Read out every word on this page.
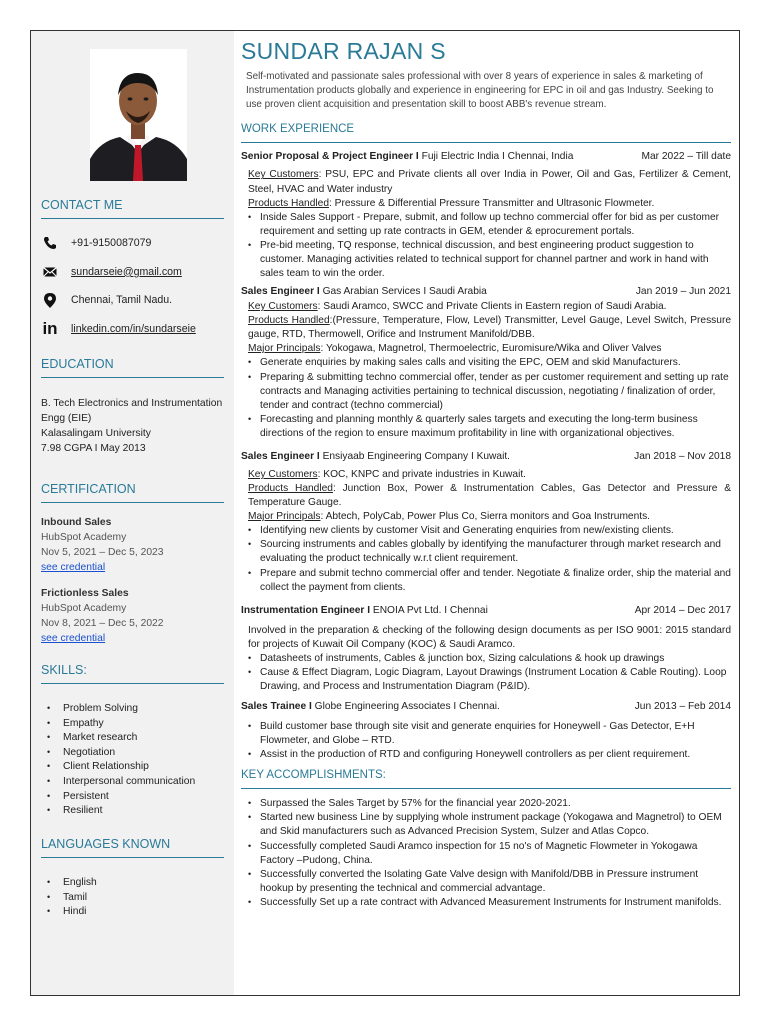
CONTACT ME
+91-9150087079
sundarseie@gmail.com
Chennai, Tamil Nadu.
in linkedin.com/in/sundarseie
EDUCATION
B. Tech Electronics and Instrumentation Engg (EIE)
Kalasalingam University
7.98 CGPA I May 2013
CERTIFICATION
Inbound Sales
HubSpot Academy
Nov 5, 2021 – Dec 5, 2023
see credential
Frictionless Sales
HubSpot Academy
Nov 8, 2021 – Dec 5, 2022
see credential
SKILLS:
• Problem Solving
• Empathy
• Market research
• Negotiation
• Client Relationship
• Interpersonal communication
• Persistent
• Resilient
LANGUAGES KNOWN
• English
• Tamil
• Hindi
SUNDAR RAJAN S
Self-motivated and passionate sales professional with over 8 years of experience in sales & marketing of Instrumentation products globally and experience in engineering for EPC in oil and gas Industry. Seeking to use proven client acquisition and presentation skill to boost ABB's revenue stream.
WORK EXPERIENCE
Senior Proposal & Project Engineer I Fuji Electric India I Chennai, India	Mar 2022 – Till date
Key Customers: PSU, EPC and Private clients all over India in Power, Oil and Gas, Fertilizer & Cement, Steel, HVAC and Water industry
Products Handled: Pressure & Differential Pressure Transmitter and Ultrasonic Flowmeter.
• Inside Sales Support - Prepare, submit, and follow up techno commercial offer for bid as per customer requirement and setting up rate contracts in GEM, etender & eprocurement portals.
• Pre-bid meeting, TQ response, technical discussion, and best engineering product suggestion to customer. Managing activities related to technical support for channel partner and work in hand with sales team to win the order.
Sales Engineer I Gas Arabian Services I Saudi Arabia	Jan 2019 – Jun 2021
Key Customers: Saudi Aramco, SWCC and Private Clients in Eastern region of Saudi Arabia.
Products Handled:(Pressure, Temperature, Flow, Level) Transmitter, Level Gauge, Level Switch, Pressure gauge, RTD, Thermowell, Orifice and Instrument Manifold/DBB.
Major Principals: Yokogawa, Magnetrol, Thermoelectric, Euromisure/Wika and Oliver Valves
• Generate enquiries by making sales calls and visiting the EPC, OEM and skid Manufacturers.
• Preparing & submitting techno commercial offer, tender as per customer requirement and setting up rate contracts and Managing activities pertaining to technical discussion, negotiating / finalization of order, tender and contract (techno commercial)
• Forecasting and planning monthly & quarterly sales targets and executing the long-term business directions of the region to ensure maximum profitability in line with organizational objectives.
Sales Engineer I Ensiyaab Engineering Company I Kuwait.	Jan 2018 – Nov 2018
Key Customers: KOC, KNPC and private industries in Kuwait.
Products Handled: Junction Box, Power & Instrumentation Cables, Gas Detector and Pressure & Temperature Gauge.
Major Principals: Abtech, PolyCab, Power Plus Co, Sierra monitors and Goa Instruments.
• Identifying new clients by customer Visit and Generating enquiries from new/existing clients.
• Sourcing instruments and cables globally by identifying the manufacturer through market research and evaluating the product technically w.r.t client requirement.
• Prepare and submit techno commercial offer and tender. Negotiate & finalize order, ship the material and collect the payment from clients.
Instrumentation Engineer I ENOIA Pvt Ltd. I Chennai	Apr 2014 – Dec 2017
Involved in the preparation & checking of the following design documents as per ISO 9001: 2015 standard for projects of Kuwait Oil Company (KOC) & Saudi Aramco.
• Datasheets of instruments, Cables & junction box, Sizing calculations & hook up drawings
• Cause & Effect Diagram, Logic Diagram, Layout Drawings (Instrument Location & Cable Routing). Loop Drawing, and Process and Instrumentation Diagram (P&ID).
Sales Trainee I Globe Engineering Associates I Chennai.	Jun 2013 – Feb 2014
• Build customer base through site visit and generate enquiries for Honeywell - Gas Detector, E+H Flowmeter, and Globe – RTD.
• Assist in the production of RTD and configuring Honeywell controllers as per client requirement.
KEY ACCOMPLISHMENTS:
• Surpassed the Sales Target by 57% for the financial year 2020-2021.
• Started new business Line by supplying whole instrument package (Yokogawa and Magnetrol) to OEM and Skid manufacturers such as Advanced Precision System, Sulzer and Atlas Copco.
• Successfully completed Saudi Aramco inspection for 15 no's of Magnetic Flowmeter in Yokogawa Factory –Pudong, China.
• Successfully converted the Isolating Gate Valve design with Manifold/DBB in Pressure instrument hookup by presenting the technical and commercial advantage.
• Successfully Set up a rate contract with Advanced Measurement Instruments for Instrument manifolds.
